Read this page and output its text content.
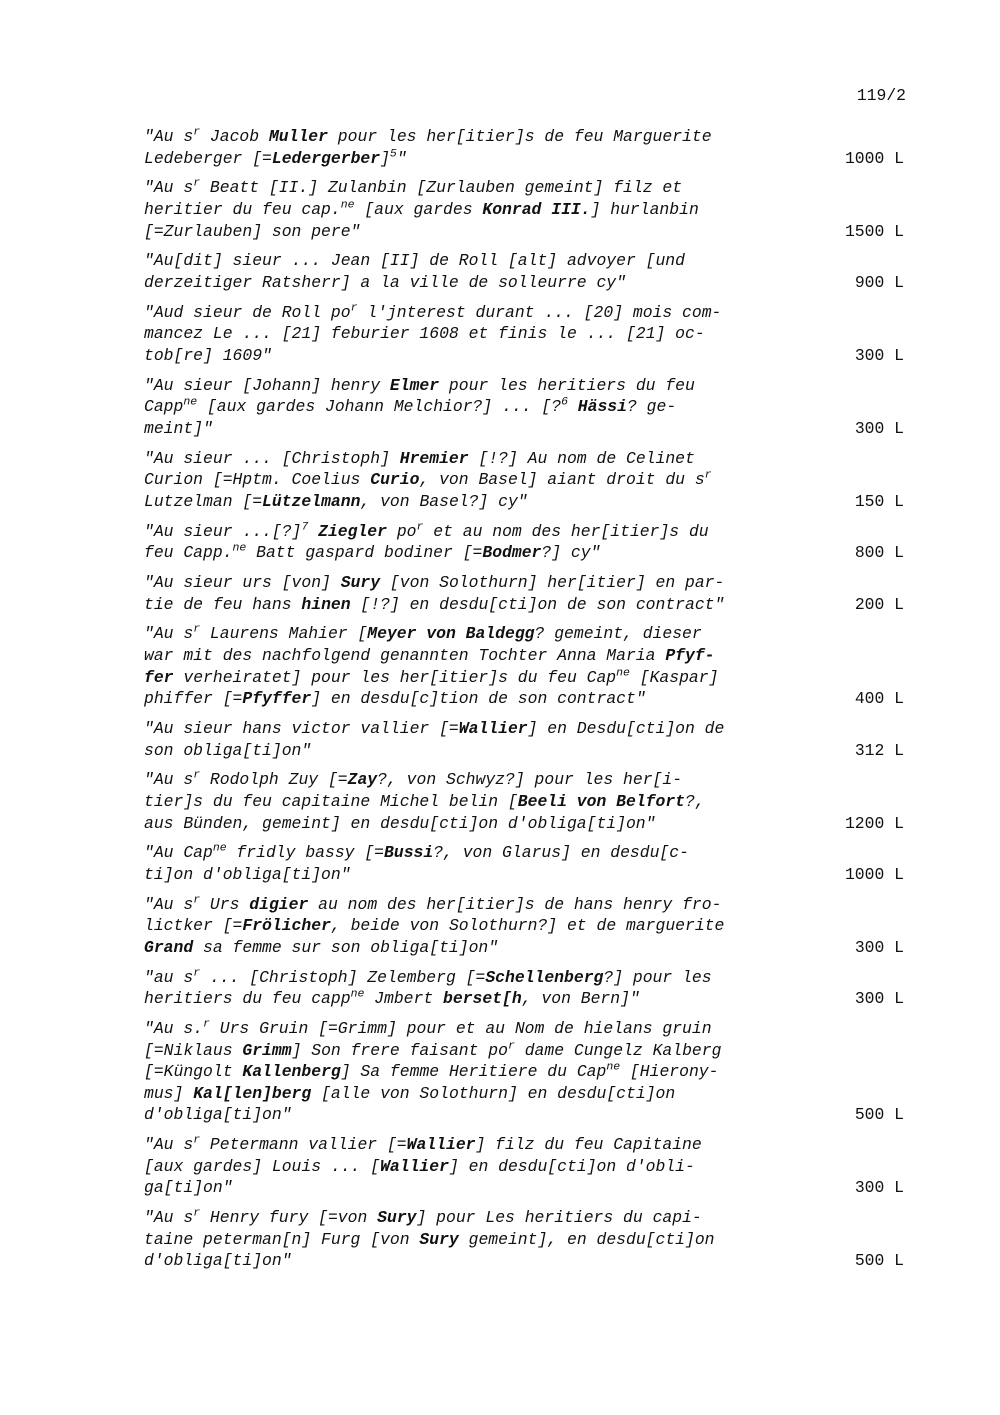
119/2
"Au $s^r$ Jacob Muller pour les her[itier]s de feu Marguerite
Ledeberger [=Ledergerber]$^5$"	1000 L
"Au $s^r$ Beatt [II.] Zulanbin [Zurlauben gemeint] filz et
heritier du feu cap.$^{ne}$ [aux gardes Konrad III.] hurlanbin
[=Zurlauben] son pere"	1500 L
"Au[dit] sieur ... Jean [II] de Roll [alt] advoyer [und
derzeitiger Ratsherr] a la ville de solleurre cy"	900 L
"Aud sieur de Roll $po^r$ l'jnterest durant ... [20] mois com-
mancez Le ... [21] feburier 1608 et finis le ... [21] oc-
tob[re] 1609"	300 L
"Au sieur [Johann] henry Elmer pour les heritiers du feu
Capp$^{ne}$ [aux gardes Johann Melchior?] ... [?$^6$ Hässi? ge-
meint]"	300 L
"Au sieur ... [Christoph] Hremier [!?] Au nom de Celinet
Curion [=Hptm. Coelius Curio, von Basel] aiant droit du $s^r$
Lutzelman [=Lützelmann, von Basel?] cy"	150 L
"Au sieur ...[?]$^7$ Ziegler $po^r$ et au nom des her[itier]s du
feu Capp.$^{ne}$ Batt gaspard bodiner [=Bodmer?] cy"	800 L
"Au sieur urs [von] Sury [von Solothurn] her[itier] en par-
tie de feu hans hinen [!?] en desdu[cti]on de son contract"	200 L
"Au $s^r$ Laurens Mahier [Meyer von Baldegg? gemeint, dieser
war mit des nachfolgend genannten Tochter Anna Maria Pfyf-
fer verheiratet] pour les her[itier]s du feu Cap$^{ne}$ [Kaspar]
phiffer [=Pfyffer] en desdu[c]tion de son contract"	400 L
"Au sieur hans victor vallier [=Wallier] en Desdu[cti]on de
son obliga[ti]on"	312 L
"Au $s^r$ Rodolph Zuy [=Zay?, von Schwyz?] pour les her[i-
tier]s du feu capitaine Michel belin [Beeli von Belfort?,
aus Bünden, gemeint] en desdu[cti]on d'obliga[ti]on"	1200 L
"Au Cap$^{ne}$ fridly bassy [=Bussi?, von Glarus] en desdu[c-
ti]on d'obliga[ti]on"	1000 L
"Au $s^r$ Urs digier au nom des her[itier]s de hans henry fro-
lictker [=Frölicher, beide von Solothurn?] et de marguerite
Grand sa femme sur son obliga[ti]on"	300 L
"au $s^r$ ... [Christoph] Zelemberg [=Schellenberg?] pour les
heritiers du feu capp$^{ne}$ Jmbert berset[h, von Bern]"	300 L
"Au s.$^r$ Urs Gruin [=Grimm] pour et au Nom de hielans gruin
[=Niklaus Grimm] Son frere faisant $po^r$ dame Cungelz Kalberg
[=Küngolt Kallenberg] Sa femme Heritiere du Cap$^{ne}$ [Hierony-
mus] Kal[len]berg [alle von Solothurn] en desdu[cti]on
d'obliga[ti]on"	500 L
"Au $s^r$ Petermann vallier [=Wallier] filz du feu Capitaine
[aux gardes] Louis ... [Wallier] en desdu[cti]on d'obli-
ga[ti]on"	300 L
"Au $s^r$ Henry fury [=von Sury] pour Les heritiers du capi-
taine peterman[n] Furg [von Sury gemeint], en desdu[cti]on
d'obliga[ti]on"	500 L
